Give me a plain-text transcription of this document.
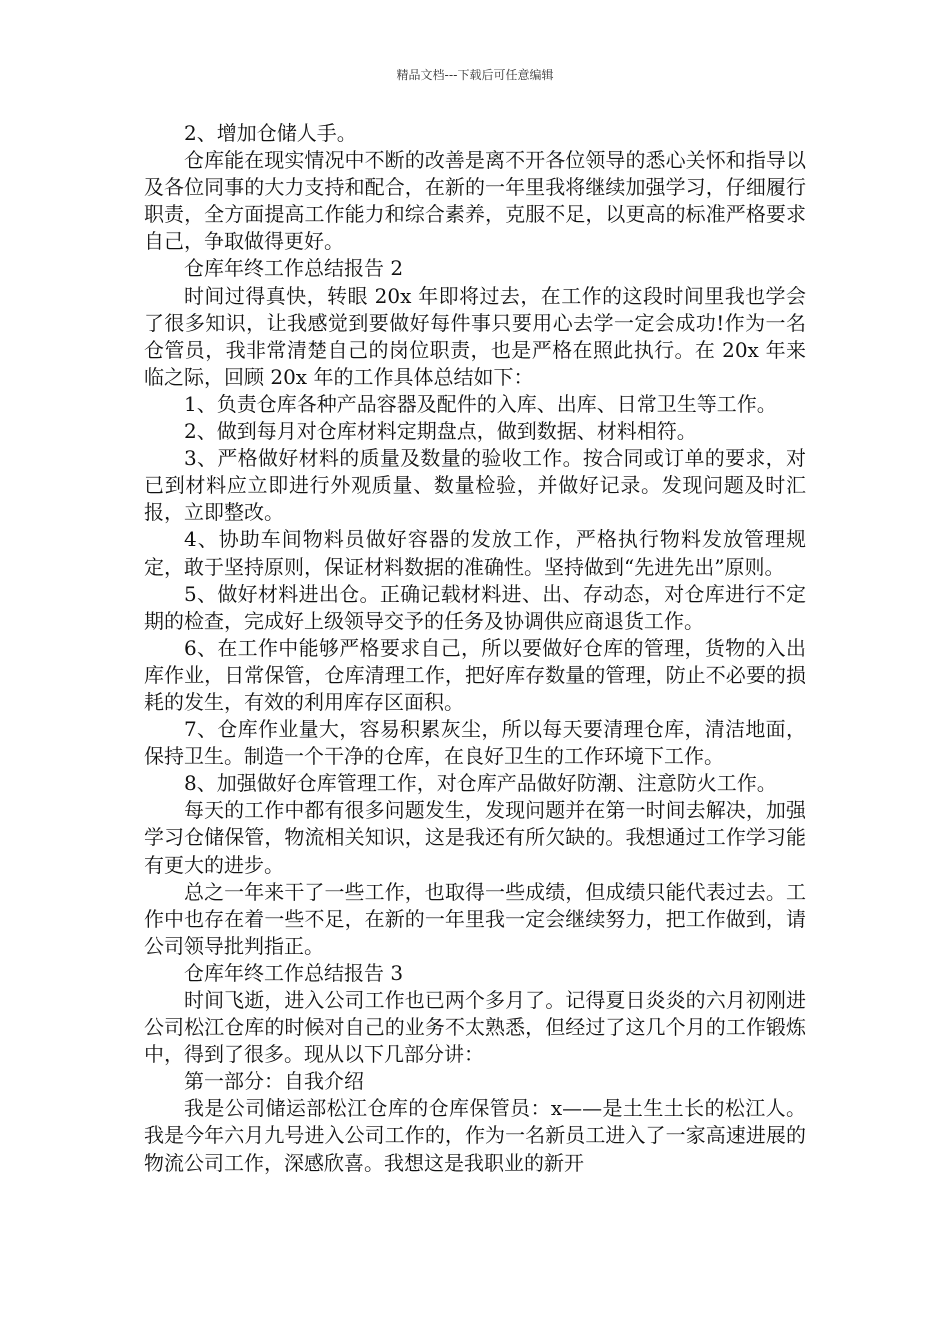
精品文档---下载后可任意编辑

2、增加仓储人手。

仓库能在现实情况中不断的改善是离不开各位领导的悉心关怀和指导以及各位同事的大力支持和配合，在新的一年里我将继续加强学习，仔细履行职责，全方面提高工作能力和综合素养，克服不足，以更高的标准严格要求自己，争取做得更好。

仓库年终工作总结报告 2

时间过得真快，转眼 20x 年即将过去，在工作的这段时间里我也学会了很多知识，让我感觉到要做好每件事只要用心去学一定会成功!作为一名仓管员，我非常清楚自己的岗位职责，也是严格在照此执行。在 20x 年来临之际，回顾 20x 年的工作具体总结如下：

1、负责仓库各种产品容器及配件的入库、出库、日常卫生等工作。

2、做到每月对仓库材料定期盘点，做到数据、材料相符。

3、严格做好材料的质量及数量的验收工作。按合同或订单的要求，对已到材料应立即进行外观质量、数量检验，并做好记录。发现问题及时汇报，立即整改。

4、协助车间物料员做好容器的发放工作，严格执行物料发放管理规定，敢于坚持原则，保证材料数据的准确性。坚持做到“先进先出”原则。

5、做好材料进出仓。正确记载材料进、出、存动态，对仓库进行不定期的检查，完成好上级领导交予的任务及协调供应商退货工作。

6、在工作中能够严格要求自己，所以要做好仓库的管理，货物的入出库作业，日常保管，仓库清理工作，把好库存数量的管理，防止不必要的损耗的发生，有效的利用库存区面积。

7、仓库作业量大，容易积累灰尘，所以每天要清理仓库，清洁地面，保持卫生。制造一个干净的仓库，在良好卫生的工作环境下工作。

8、加强做好仓库管理工作，对仓库产品做好防潮、注意防火工作。

每天的工作中都有很多问题发生，发现问题并在第一时间去解决，加强学习仓储保管，物流相关知识，这是我还有所欠缺的。我想通过工作学习能有更大的进步。

总之一年来干了一些工作，也取得一些成绩，但成绩只能代表过去。工作中也存在着一些不足，在新的一年里我一定会继续努力，把工作做到，请公司领导批判指正。

仓库年终工作总结报告 3

时间飞逝，进入公司工作也已两个多月了。记得夏日炎炎的六月初刚进公司松江仓库的时候对自己的业务不太熟悉，但经过了这几个月的工作锻炼中，得到了很多。现从以下几部分讲：

第一部分：自我介绍

我是公司储运部松江仓库的仓库保管员：x——是土生土长的松江人。我是今年六月九号进入公司工作的，作为一名新员工进入了一家高速进展的物流公司工作，深感欣喜。我想这是我职业的新开
